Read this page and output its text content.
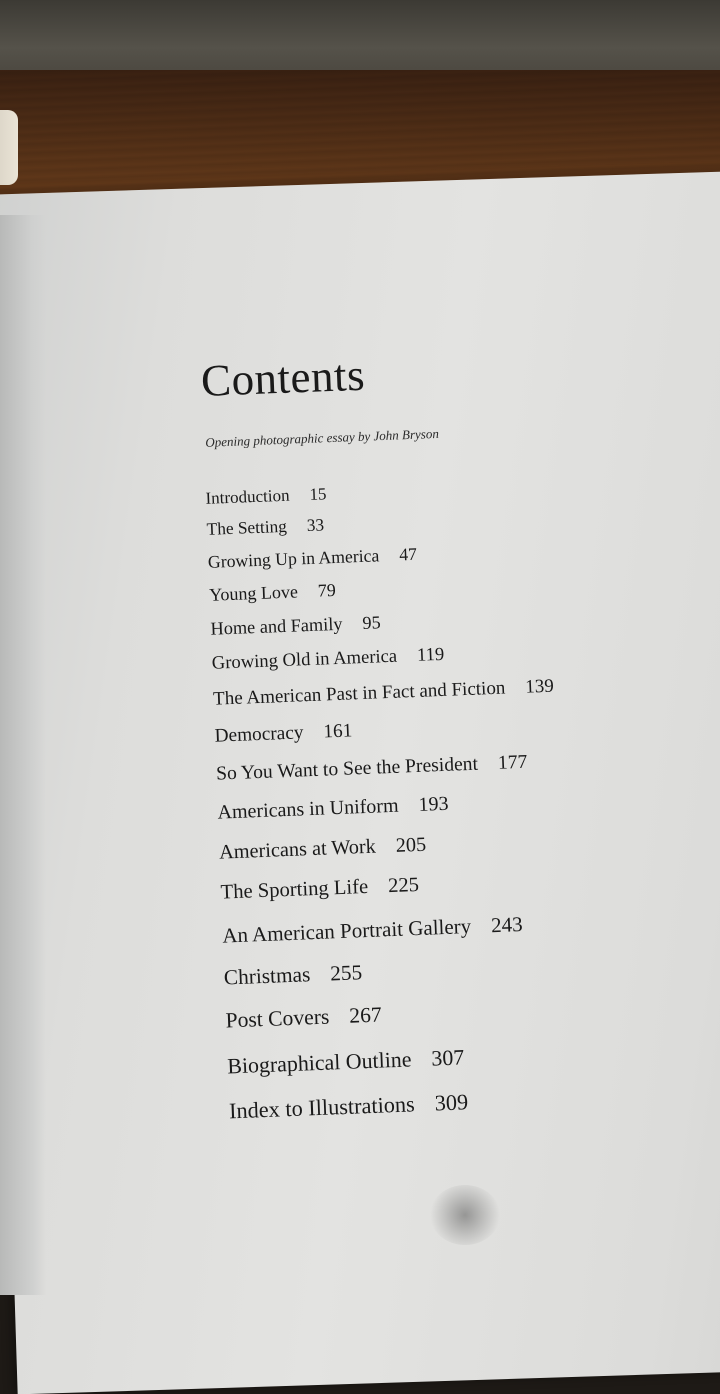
Contents
Opening photographic essay by John Bryson
Introduction 15
The Setting 33
Growing Up in America 47
Young Love 79
Home and Family 95
Growing Old in America 119
The American Past in Fact and Fiction 139
Democracy 161
So You Want to See the President 177
Americans in Uniform 193
Americans at Work 205
The Sporting Life 225
An American Portrait Gallery 243
Christmas 255
Post Covers 267
Biographical Outline 307
Index to Illustrations 309
